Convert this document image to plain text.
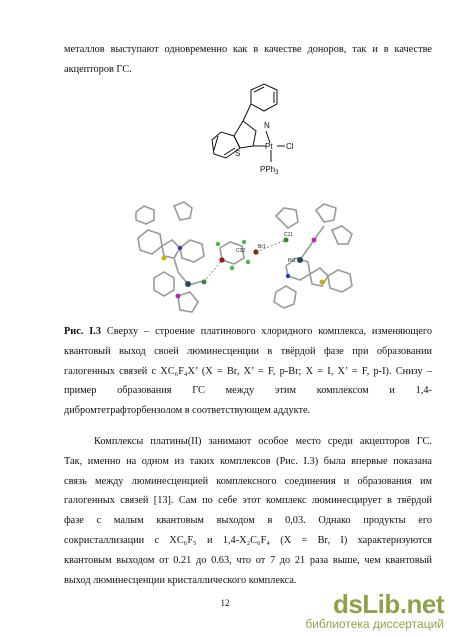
металлов выступают одновременно как в качестве доноров, так и в качестве
акцепторов ГС.
N
Pt Cl
S
PPh$_3$
Br1
C32
C11
Pt1
Рис. I.3 Сверху – строение платинового хлоридного комплекса, изменяющего
квантовый выход своей люминесценции в твёрдой фазе при образовании
галогенных связей с XC₆F₄X’ (X = Br, X’ = F, p-Br; X = I, X’ = F, p-I). Снизу –
пример образования ГС между этим комплексом и 1,4-
дибромтетрафторбензолом в соответствующем аддукте.
Комплексы платины(II) занимают особое место среди акцепторов ГС.
Так, именно на одном из таких комплексов (Рис. I.3) была впервые показана
связь между люминесценцией комплексного соединения и образования им
галогенных связей [13]. Сам по себе этот комплекс люминесцирует в твёрдой
фазе с малым квантовым выходом в 0,03. Однако продукты его
сокристаллизации с XC₆F₅ и 1,4-X₂C₆F₄ (X = Br, I) характеризуются
квантовым выходом от 0.21 до 0.63, что от 7 до 21 раза выше, чем квантовый
выход люминесценции кристаллического комплекса.
12	dsLib.net
библиотека диссертаций
